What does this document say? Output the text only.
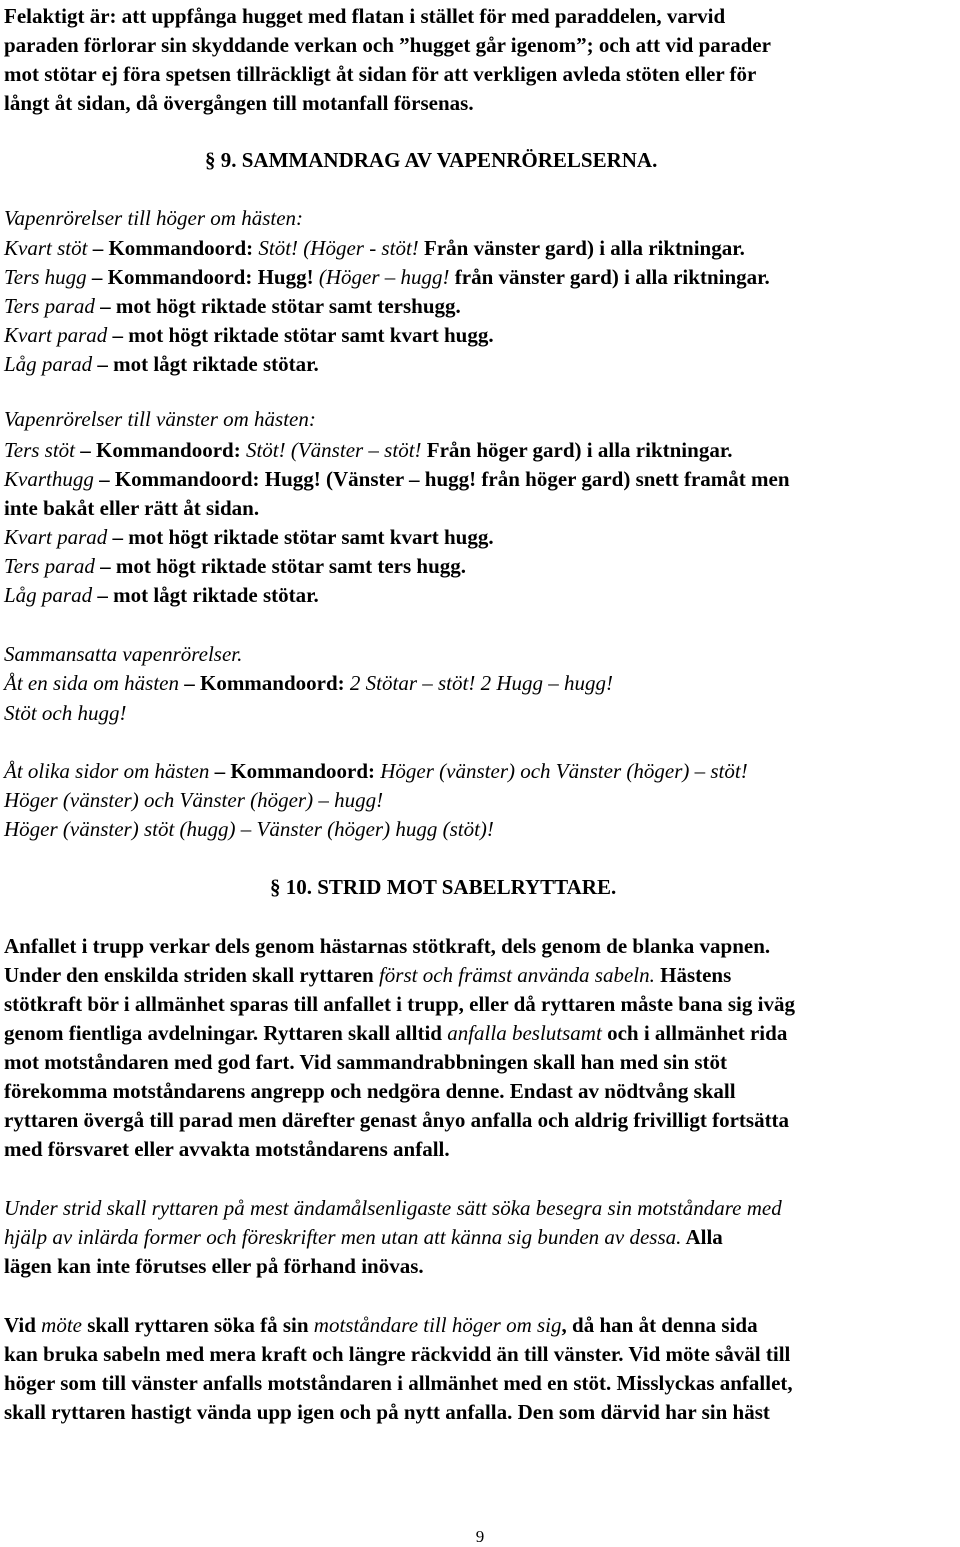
Felaktigt är: att uppfånga hugget med flatan i stället för med paraddelen, varvid

paraden förlorar sin skyddande verkan och ”hugget går igenom”; och att vid parader

mot stötar ej föra spetsen tillräckligt åt sidan för att verkligen avleda stöten eller för

långt åt sidan, då övergången till motanfall försenas.

§ 9. SAMMANDRAG AV VAPENRÖRELSERNA.

Vapenrörelser till höger om hästen:

Kvart stöt – Kommandoord: Stöt! (Höger - stöt! Från vänster gard) i alla riktningar.

Ters hugg – Kommandoord: Hugg! (Höger – hugg! från vänster gard) i alla riktningar.

Ters parad – mot högt riktade stötar samt tershugg.

Kvart parad – mot högt riktade stötar samt kvart hugg.

Låg parad – mot lågt riktade stötar.

Vapenrörelser till vänster om hästen:

Ters stöt – Kommandoord: Stöt! (Vänster – stöt! Från höger gard) i alla riktningar.

Kvarthugg – Kommandoord: Hugg! (Vänster – hugg! från höger gard) snett framåt men

inte bakåt eller rätt åt sidan.

Kvart parad – mot högt riktade stötar samt kvart hugg.

Ters parad – mot högt riktade stötar samt ters hugg.

Låg parad – mot lågt riktade stötar.

Sammansatta vapenrörelser.

Åt en sida om hästen – Kommandoord: 2 Stötar – stöt! 2 Hugg – hugg!

Stöt och hugg!

Åt olika sidor om hästen – Kommandoord: Höger (vänster) och Vänster (höger) – stöt!

Höger (vänster) och Vänster (höger) – hugg!

Höger (vänster) stöt (hugg) – Vänster (höger) hugg (stöt)!

§ 10. STRID MOT SABELRYTTARE.

Anfallet i trupp verkar dels genom hästarnas stötkraft, dels genom de blanka vapnen.

Under den enskilda striden skall ryttaren först och främst använda sabeln. Hästens

stötkraft bör i allmänhet sparas till anfallet i trupp, eller då ryttaren måste bana sig iväg

genom fientliga avdelningar. Ryttaren skall alltid anfalla beslutsamt och i allmänhet rida

mot motståndaren med god fart. Vid sammandrabbningen skall han med sin stöt

förekomma motståndarens angrepp och nedgöra denne. Endast av nödtvång skall

ryttaren övergå till parad men därefter genast ånyo anfalla och aldrig frivilligt fortsätta

med försvaret eller avvakta motståndarens anfall.

Under strid skall ryttaren på mest ändamålsenligaste sätt söka besegra sin motståndare med

hjälp av inlärda former och föreskrifter men utan att känna sig bunden av dessa. Alla

lägen kan inte förutses eller på förhand inövas.

Vid möte skall ryttaren söka få sin motståndare till höger om sig, då han åt denna sida

kan bruka sabeln med mera kraft och längre räckvidd än till vänster. Vid möte såväl till

höger som till vänster anfalls motståndaren i allmänhet med en stöt. Misslyckas anfallet,

skall ryttaren hastigt vända upp igen och på nytt anfalla. Den som därvid har sin häst

9
